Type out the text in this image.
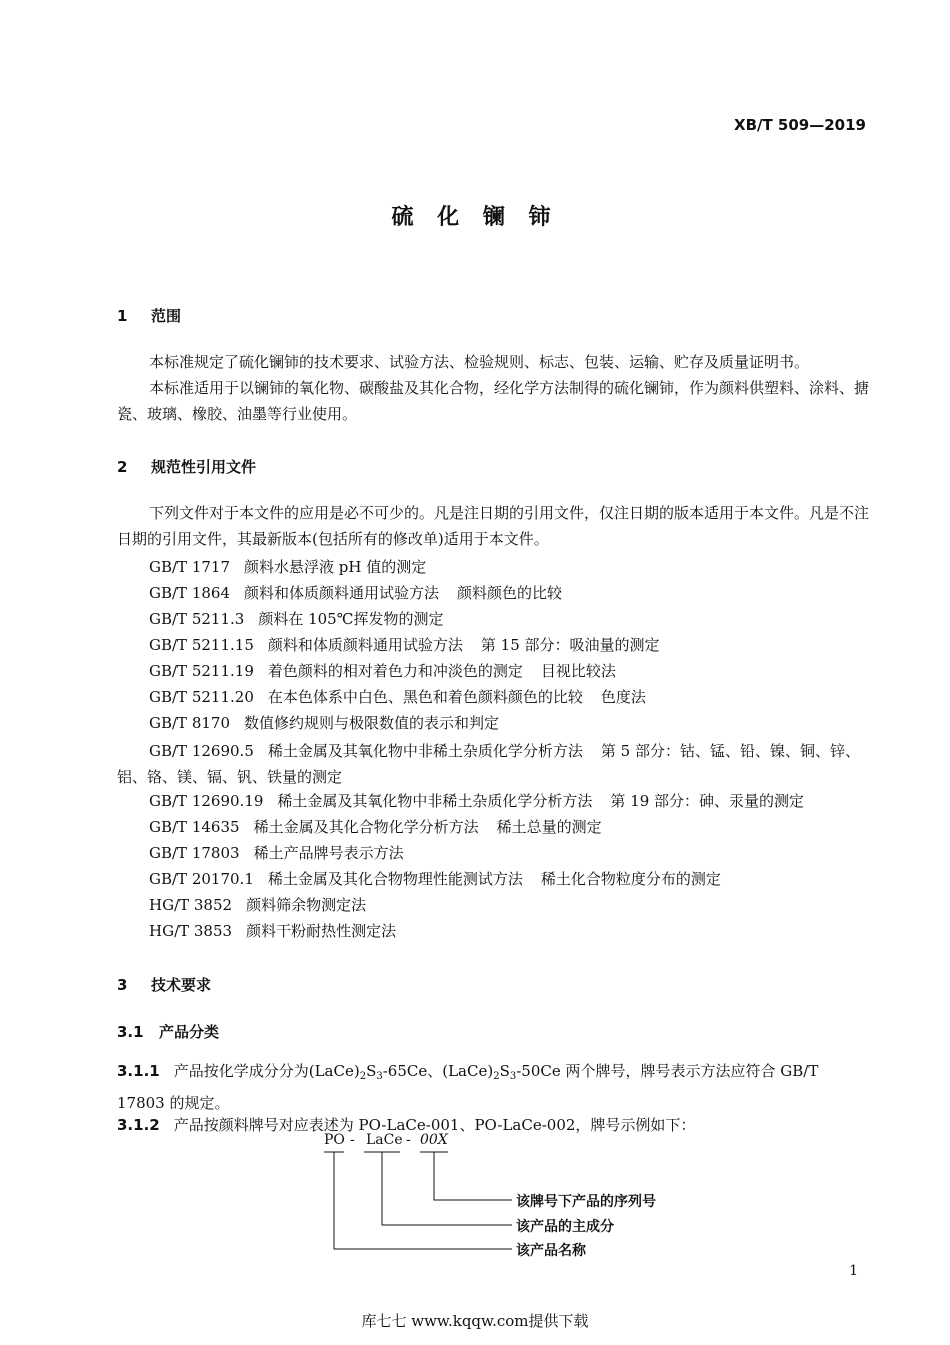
XB/T 509—2019
硫 化 镧 铈
1 范围
本标准规定了硫化镧铈的技术要求、试验方法、检验规则、标志、包装、运输、贮存及质量证明书。
本标准适用于以镧铈的氧化物、碳酸盐及其化合物，经化学方法制得的硫化镧铈，作为颜料供塑料、涂料、搪瓷、玻璃、橡胶、油墨等行业使用。
2 规范性引用文件
下列文件对于本文件的应用是必不可少的。凡是注日期的引用文件，仅注日期的版本适用于本文件。凡是不注日期的引用文件，其最新版本(包括所有的修改单)适用于本文件。
GB/T 1717 颜料水悬浮液 pH 值的测定
GB/T 1864 颜料和体质颜料通用试验方法 颜料颜色的比较
GB/T 5211.3 颜料在 105℃挥发物的测定
GB/T 5211.15 颜料和体质颜料通用试验方法 第 15 部分：吸油量的测定
GB/T 5211.19 着色颜料的相对着色力和冲淡色的测定 目视比较法
GB/T 5211.20 在本色体系中白色、黑色和着色颜料颜色的比较 色度法
GB/T 8170 数值修约规则与极限数值的表示和判定
GB/T 12690.5 稀土金属及其氧化物中非稀土杂质化学分析方法 第 5 部分：钴、锰、铅、镍、铜、锌、铝、铬、镁、镉、钒、铁量的测定
GB/T 12690.19 稀土金属及其氧化物中非稀土杂质化学分析方法 第 19 部分：砷、汞量的测定
GB/T 14635 稀土金属及其化合物化学分析方法 稀土总量的测定
GB/T 17803 稀土产品牌号表示方法
GB/T 20170.1 稀土金属及其化合物物理性能测试方法 稀土化合物粒度分布的测定
HG/T 3852 颜料筛余物测定法
HG/T 3853 颜料干粉耐热性测定法
3 技术要求
3.1 产品分类
3.1.1 产品按化学成分分为$(LaCe)_2S_3-65Ce$、$(LaCe)_2S_3-50Ce$ 两个牌号，牌号表示方法应符合 GB/T 17803 的规定。
3.1.2 产品按颜料牌号对应表述为 PO-LaCe-001、PO-LaCe-002，牌号示例如下：
PO - LaCe - 00X
该牌号下产品的序列号
该产品的主成分
该产品名称
1
库七七 www.kqqw.com提供下载
